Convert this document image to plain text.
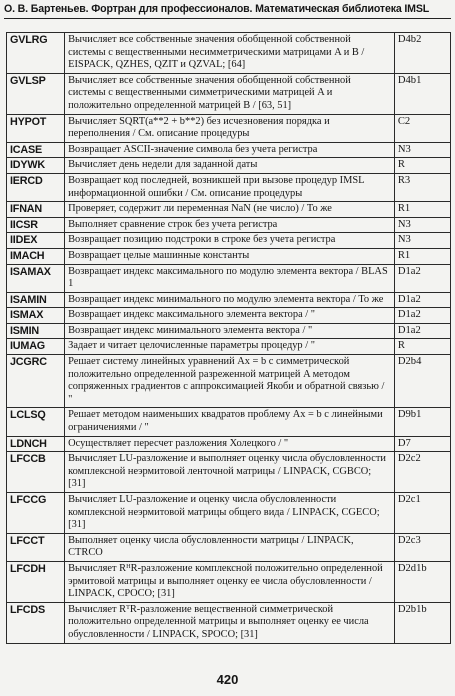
О. В. Бартеньев. Фортран для профессионалов. Математическая библиотека IMSL
GVLRG	Вычисляет все собственные значения обобщенной собственной системы с вещественными несимметрическими матрицами A и B / EISPACK, QZHES, QZIT и QZVAL; [64]	D4b2
GVLSP	Вычисляет все собственные значения обобщенной собственной системы с вещественными симметрическими матрицей A и положительно определенной матрицей B / [63, 51]	D4b1
HYPOT	Вычисляет SQRT(a**2 + b**2) без исчезновения порядка и переполнения / См. описание процедуры	C2
ICASE	Возвращает ASCII-значение символа без учета регистра	N3
IDYWK	Вычисляет день недели для заданной даты	R
IERCD	Возвращает код последней, возникшей при вызове процедур IMSL информационной ошибки / См. описание процедуры	R3
IFNAN	Проверяет, содержит ли переменная NaN (не число) / То же	R1
IICSR	Выполняет сравнение строк без учета регистра	N3
IIDEX	Возвращает позицию подстроки в строке без учета регистра	N3
IMACH	Возвращает целые машинные константы	R1
ISAMAX	Возвращает индекс максимального по модулю элемента вектора / BLAS 1	D1a2
ISAMIN	Возвращает индекс минимального по модулю элемента вектора / То же	D1a2
ISMAX	Возвращает индекс максимального элемента вектора / "	D1a2
ISMIN	Возвращает индекс минимального элемента вектора / "	D1a2
IUMAG	Задает и читает целочисленные параметры процедур / "	R
JCGRC	Решает систему линейных уравнений Ax = b с симметрической положительно определенной разреженной матрицей A методом сопряженных градиентов с аппроксимацией Якоби и обратной связью / "	D2b4
LCLSQ	Решает методом наименьших квадратов проблему Ax = b с линейными ограничениями / "	D9b1
LDNCH	Осуществляет пересчет разложения Холецкого / "	D7
LFCCB	Вычисляет LU-разложение и выполняет оценку числа обусловленности комплексной неэрмитовой ленточной матрицы / LINPACK, CGBCO; [31]	D2c2
LFCCG	Вычисляет LU-разложение и оценку числа обусловленности комплексной неэрмитовой матрицы общего вида / LINPACK, CGECO; [31]	D2c1
LFCCT	Выполняет оценку числа обусловленности матрицы / LINPACK, CTRCO	D2c3
LFCDH	Вычисляет RᴴR-разложение комплексной положительно определенной эрмитовой матрицы и выполняет оценку ее числа обусловленности / LINPACK, CPOCO; [31]	D2d1b
LFCDS	Вычисляет RᵀR-разложение вещественной симметрической положительно определенной матрицы и выполняет оценку ее числа обусловленности / LINPACK, SPOCO; [31]	D2b1b
420
